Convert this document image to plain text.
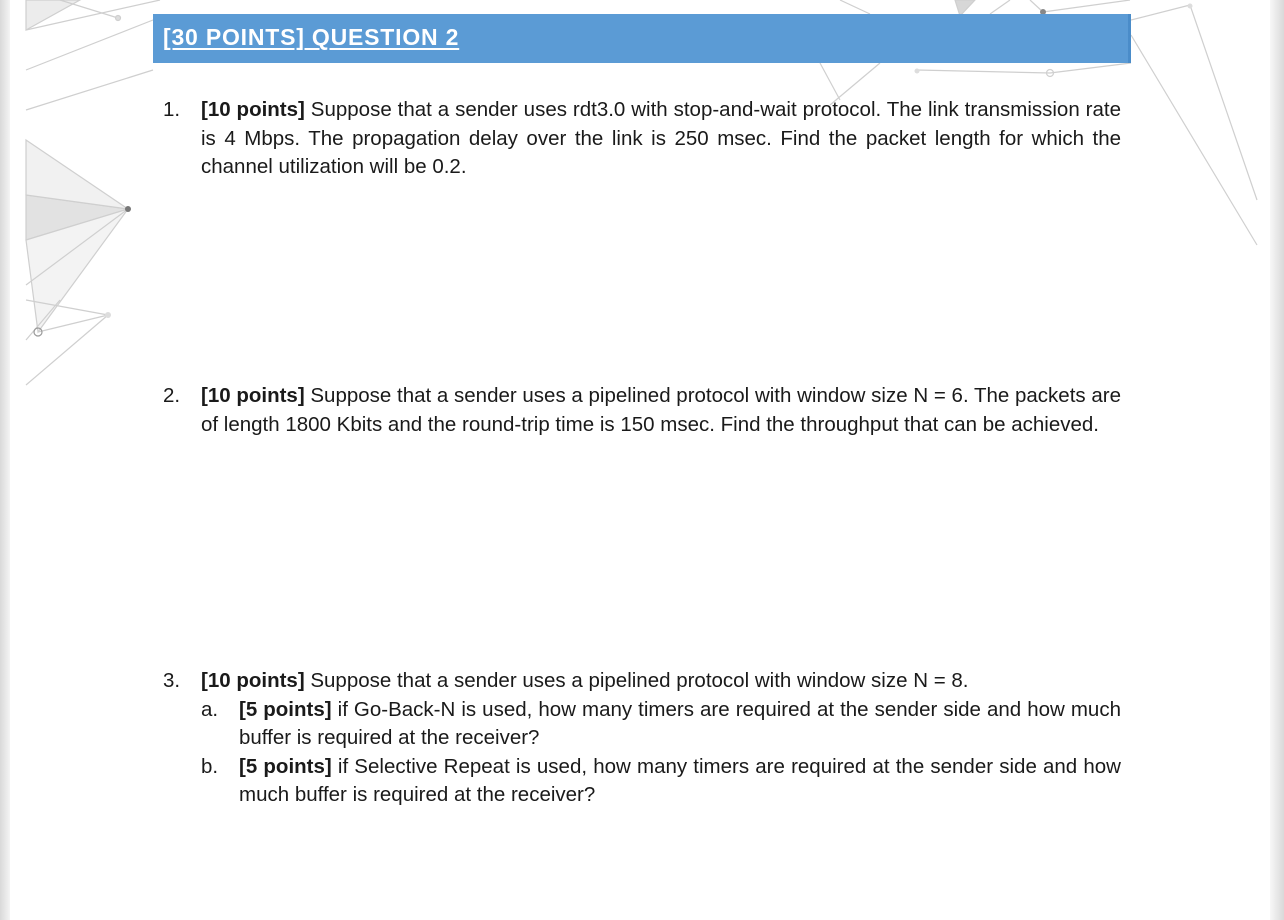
[30 POINTS] QUESTION 2
1.	[10 points] Suppose that a sender uses rdt3.0 with stop-and-wait protocol. The link transmission rate is 4 Mbps. The propagation delay over the link is 250 msec. Find the packet length for which the channel utilization will be 0.2.
2.	[10 points] Suppose that a sender uses a pipelined protocol with window size N = 6. The packets are of length 1800 Kbits and the round-trip time is 150 msec. Find the throughput that can be achieved.
3.	[10 points] Suppose that a sender uses a pipelined protocol with window size N = 8.
a.	[5 points] if Go-Back-N is used, how many timers are required at the sender side and how much buffer is required at the receiver?
b.	[5 points] if Selective Repeat is used, how many timers are required at the sender side and how much buffer is required at the receiver?
